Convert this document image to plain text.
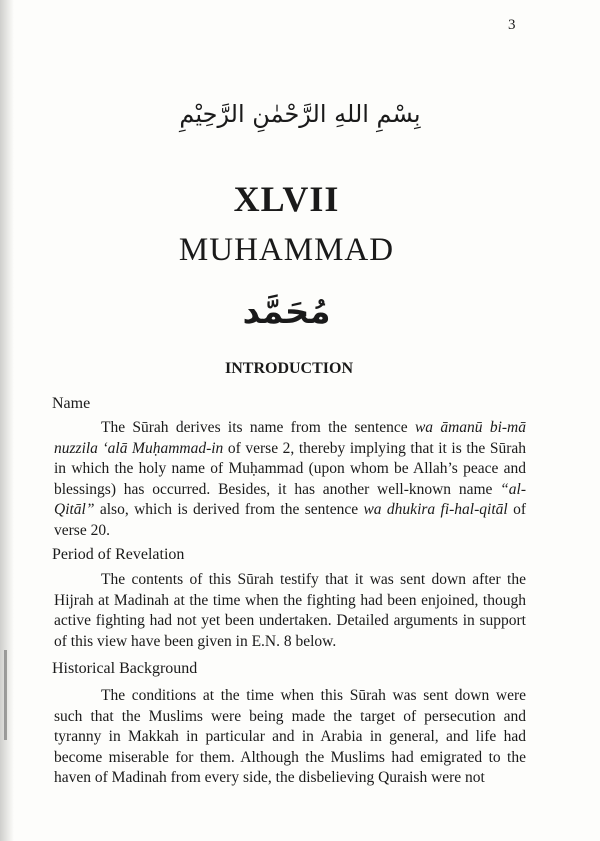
3
بِسْمِ اللهِ الرَّحْمٰنِ الرَّحِيْمِ
XLVII
MUHAMMAD
مُحَمَّد
INTRODUCTION
Name
The Sūrah derives its name from the sentence wa āmanū bi-mā nuzzila ‘alā Muḥammad-in of verse 2, thereby implying that it is the Sūrah in which the holy name of Muḥammad (upon whom be Allah’s peace and blessings) has occurred. Besides, it has another well-known name “al-Qitāl” also, which is derived from the sentence wa dhukira fi-hal-qitāl of verse 20.
Period of Revelation
The contents of this Sūrah testify that it was sent down after the Hijrah at Madinah at the time when the fighting had been enjoined, though active fighting had not yet been undertaken. Detailed arguments in support of this view have been given in E.N. 8 below.
Historical Background
The conditions at the time when this Sūrah was sent down were such that the Muslims were being made the target of persecution and tyranny in Makkah in particular and in Arabia in general, and life had become miserable for them. Although the Muslims had emigrated to the haven of Madinah from every side, the disbelieving Quraish were not
